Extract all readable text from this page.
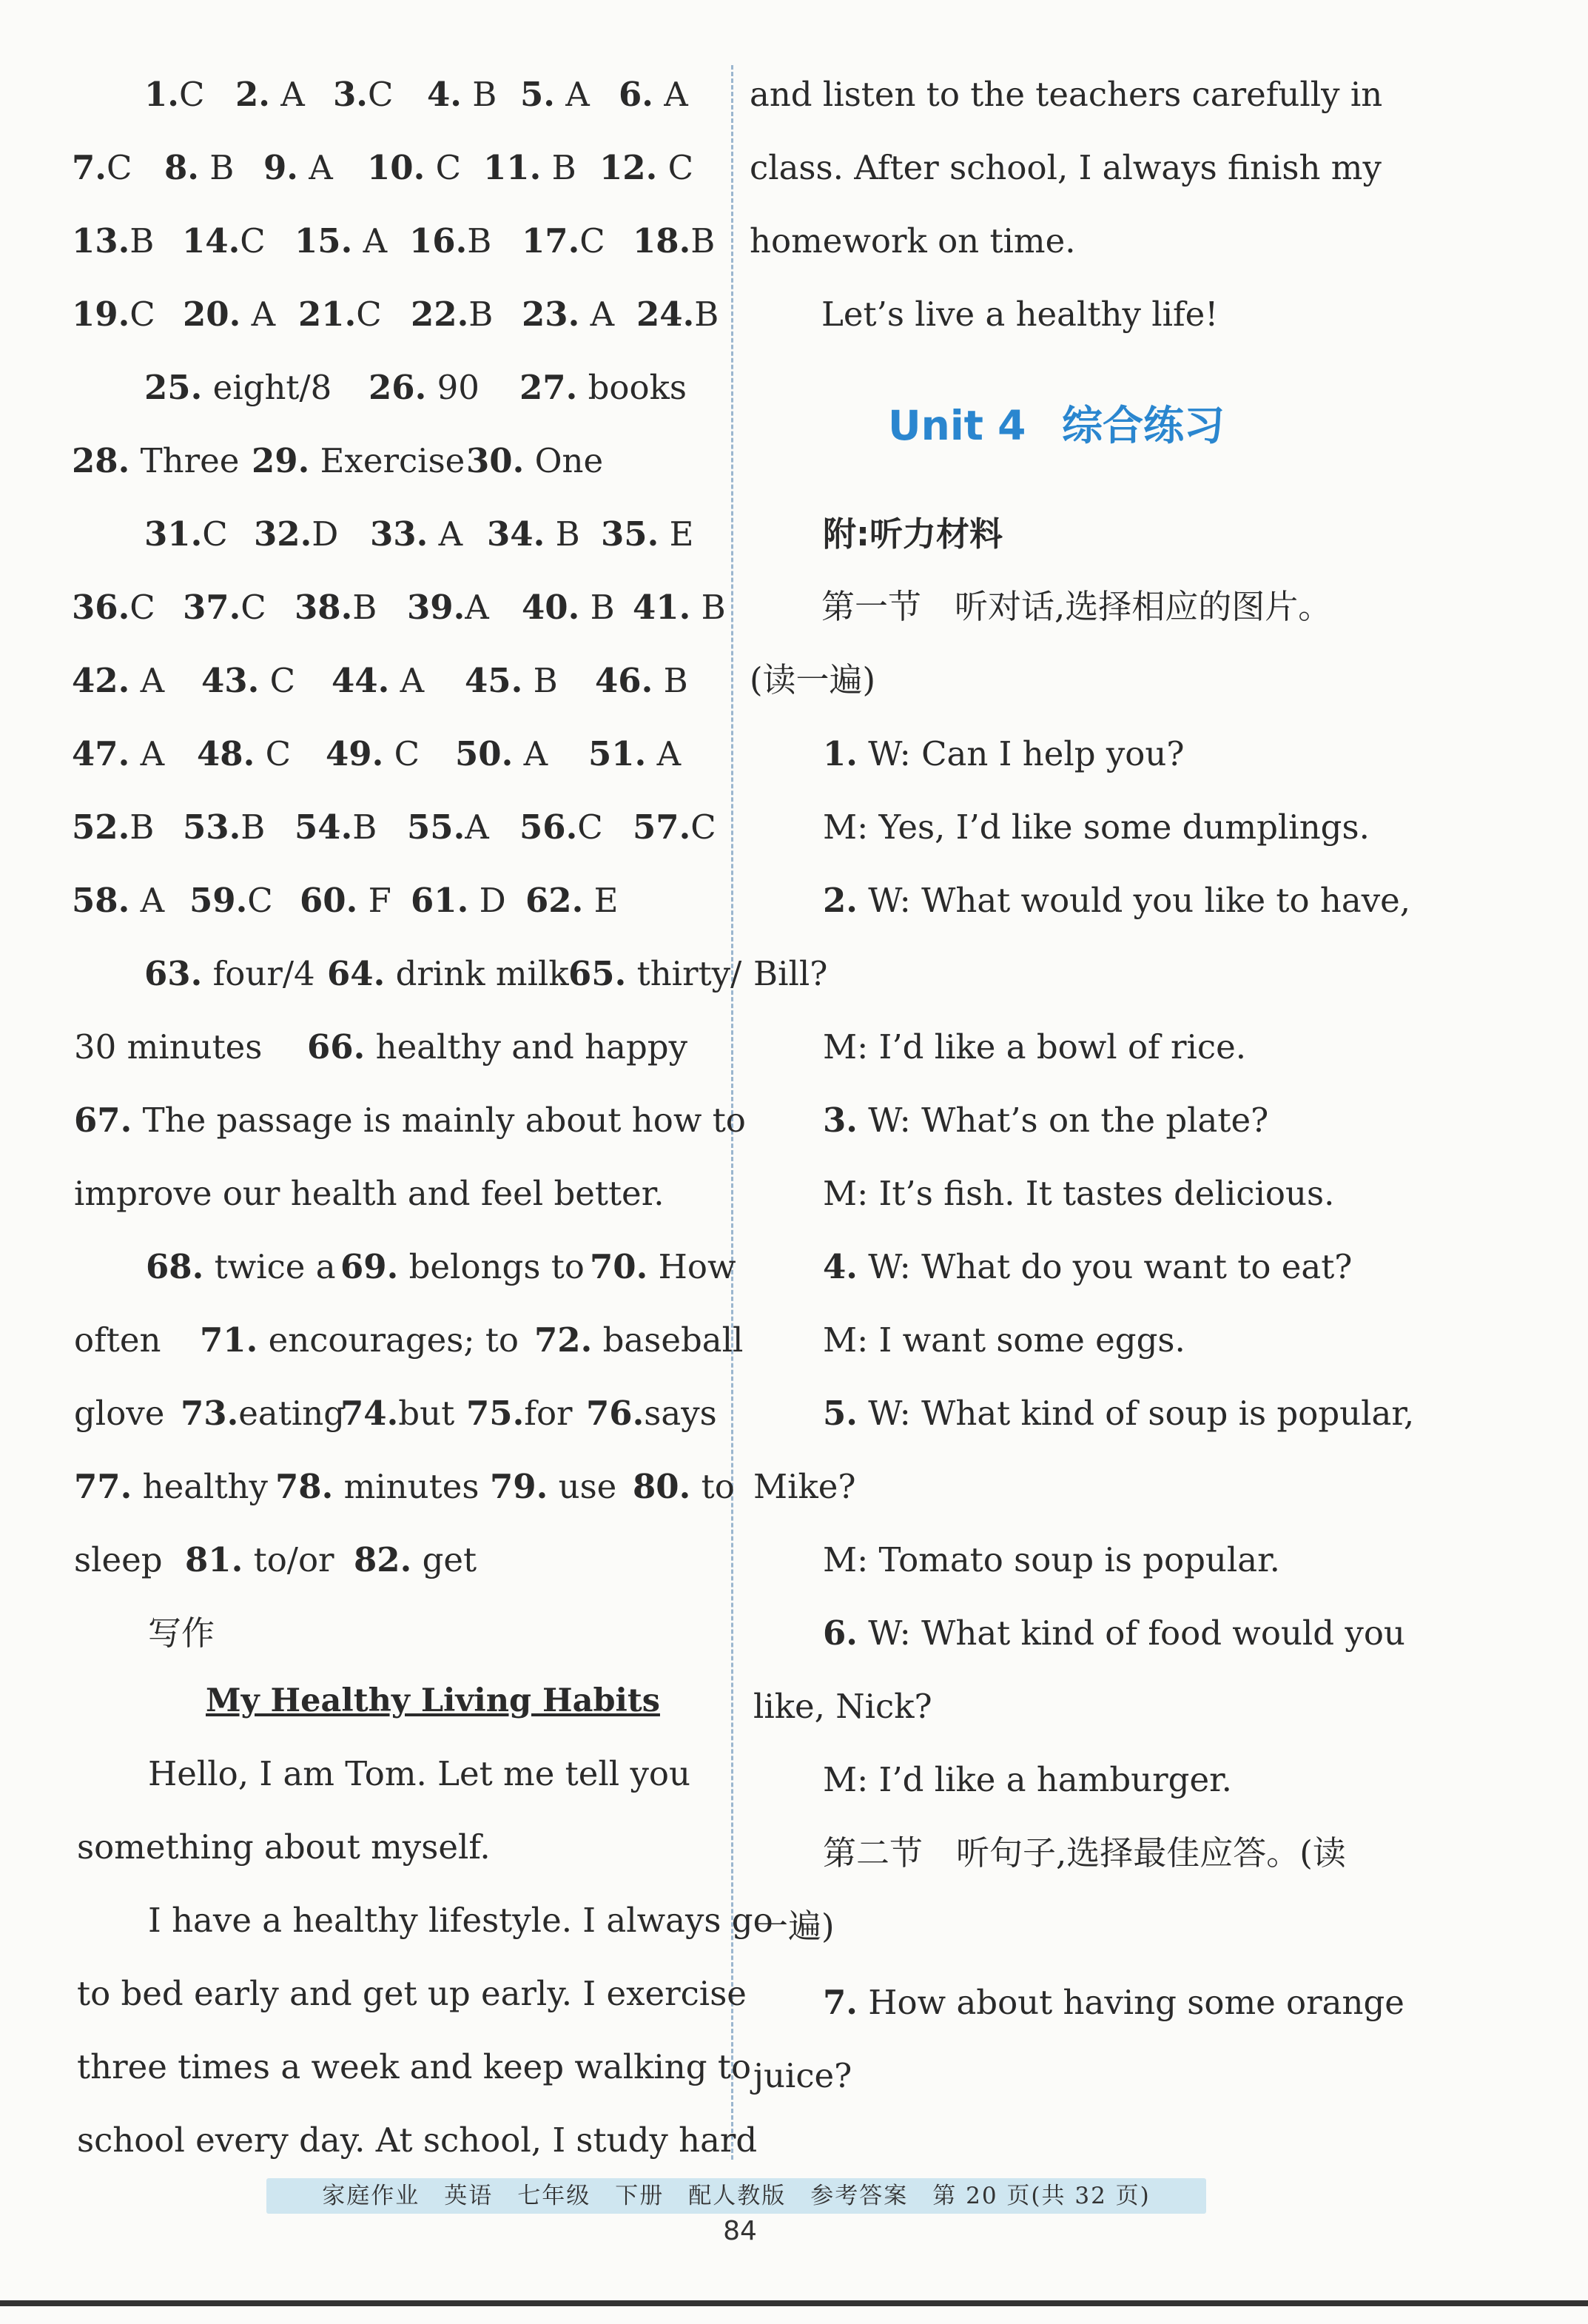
1.C 2. A 3.C 4. B 5. A 6. A
7.C 8. B 9. A 10. C 11. B 12. C
13.B 14.C 15. A 16.B 17.C 18.B
19.C 20. A 21.C 22.B 23. A 24.B
25. eight/8 26. 90 27. books
28. Three 29. Exercise 30. One
31.C 32.D 33. A 34. B 35. E
36.C 37.C 38.B 39.A 40. B 41. B
42. A 43. C 44. A 45. B 46. B
47. A 48. C 49. C 50. A 51. A
52.B 53.B 54.B 55.A 56.C 57.C
58. A 59.C 60. F 61. D 62. E
63. four/4 64. drink milk 65. thirty/
30 minutes 66. healthy and happy
67. The passage is mainly about how to
improve our health and feel better.
68. twice a 69. belongs to 70. How
often 71. encourages; to 72. baseball
glove 73.eating
74.but 75.for 76.says
77. healthy 78. minutes 79. use 80. to
sleep 81. to/or 82. get
写作
My Healthy Living Habits
Hello, I am Tom. Let me tell you
something about myself.
I have a healthy lifestyle. I always go
to bed early and get up early. I exercise
three times a week and keep walking to
school every day. At school, I study hard
and listen to the teachers carefully in
class. After school, I always finish my
homework on time.
Let’s live a healthy life!
Unit 4 综合练习
附:听力材料
第一节　听对话,选择相应的图片。
(读一遍)
1. W: Can I help you?
M: Yes, I’d like some dumplings.
2. W: What would you like to have,
Bill?
M: I’d like a bowl of rice.
3. W: What’s on the plate?
M: It’s fish. It tastes delicious.
4. W: What do you want to eat?
M: I want some eggs.
5. W: What kind of soup is popular,
Mike?
M: Tomato soup is popular.
6. W: What kind of food would you
like, Nick?
M: I’d like a hamburger.
第二节　听句子,选择最佳应答。(读
一遍)
7. How about having some orange
juice?
家庭作业　英语　七年级　下册　配人教版　参考答案　第 20 页(共 32 页)
84
